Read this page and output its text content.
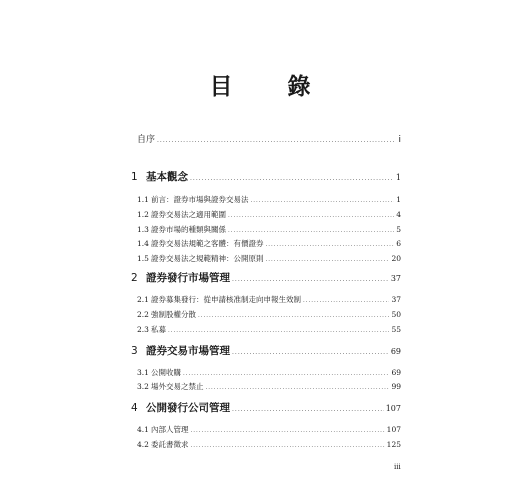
目　錄
自序 .....	i
1 基本觀念 .....	1
1.1 前言：證券市場與證券交易法 .....	1
1.2 證券交易法之適用範圍 .....	4
1.3 證券市場的種類與關係 .....	5
1.4 證券交易法規範之客體：有價證券 .....	6
1.5 證券交易法之規範精神：公開原則 .....	20
2 證券發行市場管理 .....	37
2.1 證券募集發行：從申請核准制走向申報生效制 .....	37
2.2 強制股權分散 .....	50
2.3 私募 .....	55
3 證券交易市場管理 .....	69
3.1 公開收購 .....	69
3.2 場外交易之禁止 .....	99
4 公開發行公司管理 .....	107
4.1 內部人管理 .....	107
4.2 委託書徵求 .....	125
iii
